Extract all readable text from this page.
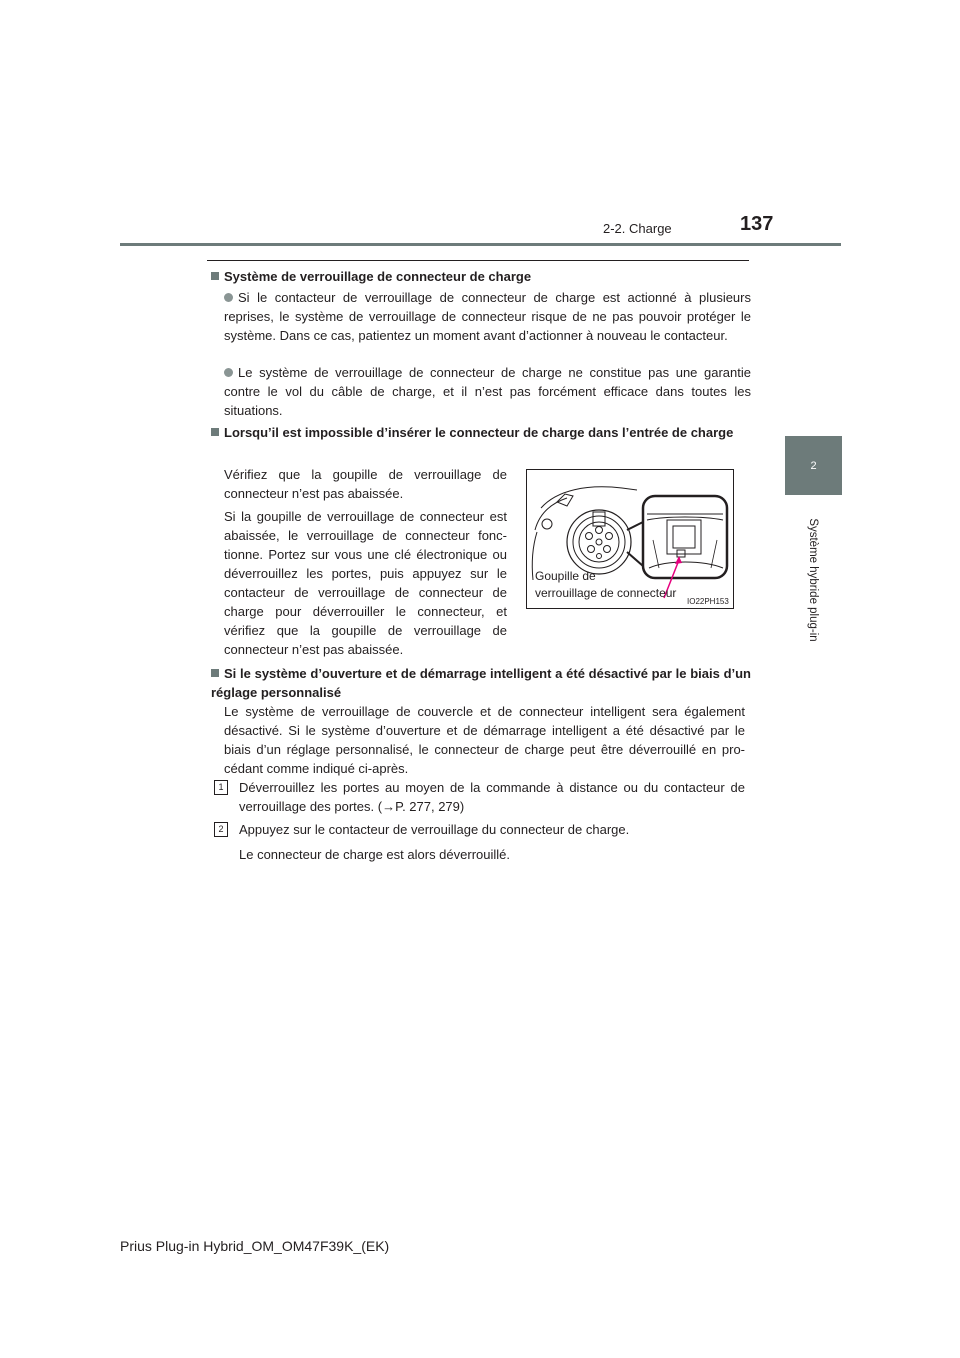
2-2. Charge	137
2
Système hybride plug-in
Système de verrouillage de connecteur de charge
Si le contacteur de verrouillage de connecteur de charge est actionné à plusieurs reprises, le système de verrouillage de connecteur risque de ne pas pouvoir protéger le système. Dans ce cas, patientez un moment avant d’actionner à nouveau le contacteur.
Le système de verrouillage de connecteur de charge ne constitue pas une garantie contre le vol du câble de charge, et il n’est pas forcément efficace dans toutes les situations.
Lorsqu’il est impossible d’insérer le connecteur de charge dans l’entrée de charge
Vérifiez que la goupille de verrouillage de connecteur n’est pas abaissée.
Si la goupille de verrouillage de connecteur est abaissée, le verrouillage de connecteur fonc-tionne. Portez sur vous une clé électronique ou déverrouillez les portes, puis appuyez sur le contacteur de verrouillage de connecteur de charge pour déverrouiller le connecteur, et vérifiez que la goupille de verrouillage de connecteur n’est pas abaissée.
Goupille de
verrouillage de connecteur
IO22PH153
Si le système d’ouverture et de démarrage intelligent a été désactivé par le biais d’un réglage personnalisé
Le système de verrouillage de couvercle et de connecteur intelligent sera également désactivé. Si le système d’ouverture et de démarrage intelligent a été désactivé par le biais d’un réglage personnalisé, le connecteur de charge peut être déverrouillé en pro-cédant comme indiqué ci-après.
1	Déverrouillez les portes au moyen de la commande à distance ou du contacteur de verrouillage des portes. (→P. 277, 279)
2	Appuyez sur le contacteur de verrouillage du connecteur de charge.
Le connecteur de charge est alors déverrouillé.
Prius Plug-in Hybrid_OM_OM47F39K_(EK)
